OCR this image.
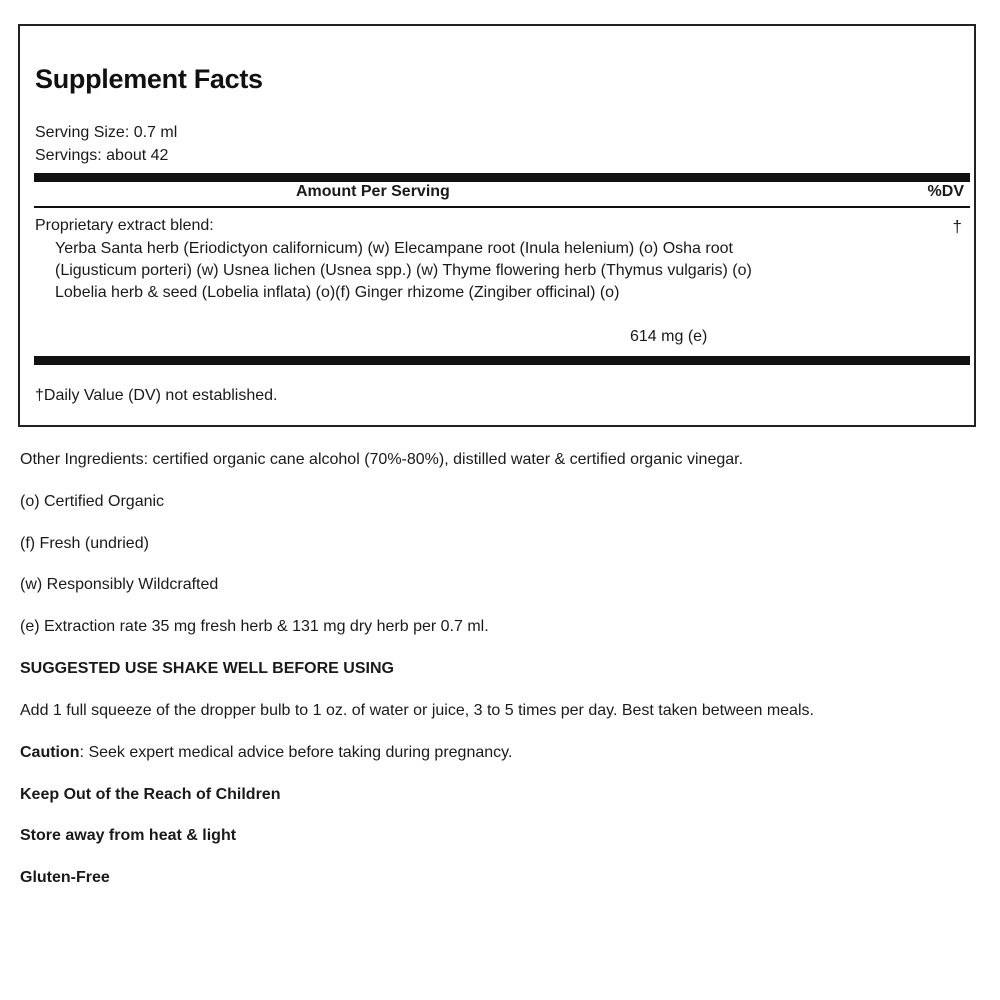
Supplement Facts
Serving Size: 0.7 ml
Servings: about 42
Amount Per Serving	%DV
Proprietary extract blend:	†
Yerba Santa herb (Eriodictyon californicum) (w) Elecampane root (Inula helenium) (o) Osha root (Ligusticum porteri) (w) Usnea lichen (Usnea spp.) (w) Thyme flowering herb (Thymus vulgaris) (o) Lobelia herb & seed (Lobelia inflata) (o)(f) Ginger rhizome (Zingiber officinal) (o)
614 mg (e)
†Daily Value (DV) not established.
Other Ingredients: certified organic cane alcohol (70%-80%), distilled water & certified organic vinegar.
(o) Certified Organic
(f) Fresh (undried)
(w) Responsibly Wildcrafted
(e) Extraction rate 35 mg fresh herb & 131 mg dry herb per 0.7 ml.
SUGGESTED USE SHAKE WELL BEFORE USING
Add 1 full squeeze of the dropper bulb to 1 oz. of water or juice, 3 to 5 times per day. Best taken between meals.
Caution: Seek expert medical advice before taking during pregnancy.
Keep Out of the Reach of Children
Store away from heat & light
Gluten-Free
